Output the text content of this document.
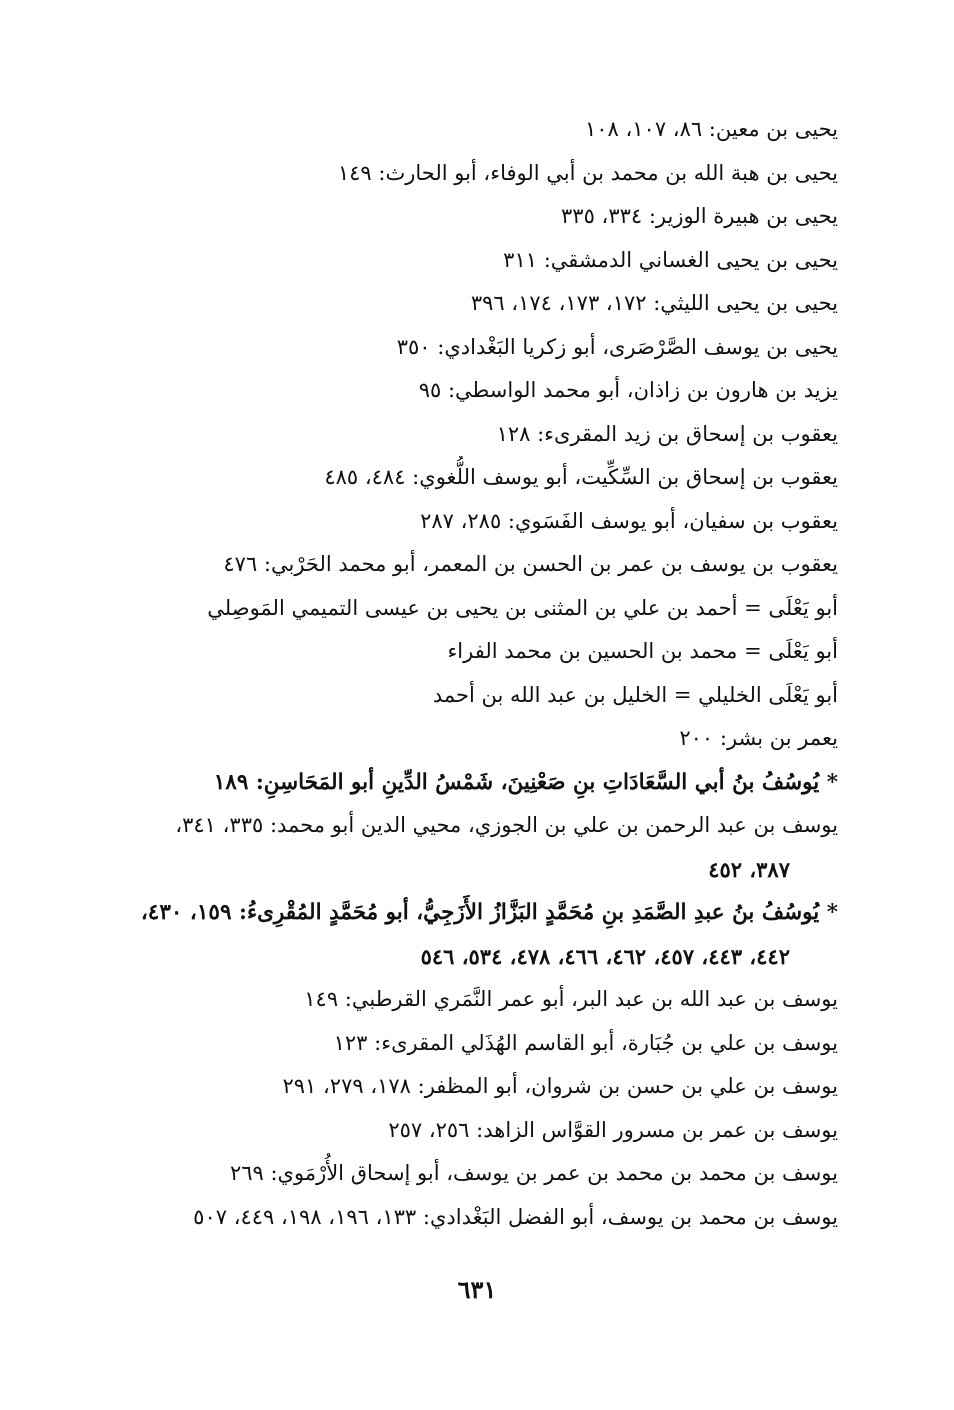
يحيى بن معين: ٨٦، ١٠٧، ١٠٨
يحيى بن هبة الله بن محمد بن أبي الوفاء، أبو الحارث: ١٤٩
يحيى بن هبيرة الوزير: ٣٣٤، ٣٣٥
يحيى بن يحيى الغساني الدمشقي: ٣١١
يحيى بن يحيى الليثي: ١٧٢، ١٧٣، ١٧٤، ٣٩٦
يحيى بن يوسف الصَّرْصَرى، أبو زكريا البَغْدادي: ٣٥٠
يزيد بن هارون بن زاذان، أبو محمد الواسطي: ٩٥
يعقوب بن إسحاق بن زيد المقرىء: ١٢٨
يعقوب بن إسحاق بن السِّكِّيت، أبو يوسف اللُّغوي: ٤٨٤، ٤٨٥
يعقوب بن سفيان، أبو يوسف الفَسَوي: ٢٨٥، ٢٨٧
يعقوب بن يوسف بن عمر بن الحسن بن المعمر، أبو محمد الحَرْبي: ٤٧٦
أبو يَعْلَى = أحمد بن علي بن المثنى بن يحيى بن عيسى التميمي المَوصِلي
أبو يَعْلَى = محمد بن الحسين بن محمد الفراء
أبو يَعْلَى الخليلي = الخليل بن عبد الله بن أحمد
يعمر بن بشر: ٢٠٠
* يُوسُفُ بنُ أبي السَّعَادَاتِ بنِ صَعْنِينَ، شَمْسُ الدِّينِ أبو المَحَاسِنِ: ١٨٩
يوسف بن عبد الرحمن بن علي بن الجوزي، محيي الدين أبو محمد: ٣٣٥، ٣٤١،
٣٨٧، ٤٥٢
* يُوسُفُ بنُ عبدِ الصَّمَدِ بنِ مُحَمَّدٍ البَزَّازُ الأَزَجِيُّ، أبو مُحَمَّدٍ المُقْرِىءُ: ١٥٩، ٤٣٠،
٤٤٢، ٤٤٣، ٤٥٧، ٤٦٢، ٤٦٦، ٤٧٨، ٥٣٤، ٥٤٦
يوسف بن عبد الله بن عبد البر، أبو عمر النَّمَري القرطبي: ١٤٩
يوسف بن علي بن جُبَارة، أبو القاسم الهُذَلي المقرىء: ١٢٣
يوسف بن علي بن حسن بن شروان، أبو المظفر: ١٧٨، ٢٧٩، ٢٩١
يوسف بن عمر بن مسرور القوَّاس الزاهد: ٢٥٦، ٢٥٧
يوسف بن محمد بن محمد بن عمر بن يوسف، أبو إسحاق الأُرْمَوي: ٢٦٩
يوسف بن محمد بن يوسف، أبو الفضل البَغْدادي: ١٣٣، ١٩٦، ١٩٨، ٤٤٩، ٥٠٧
٦٣١
